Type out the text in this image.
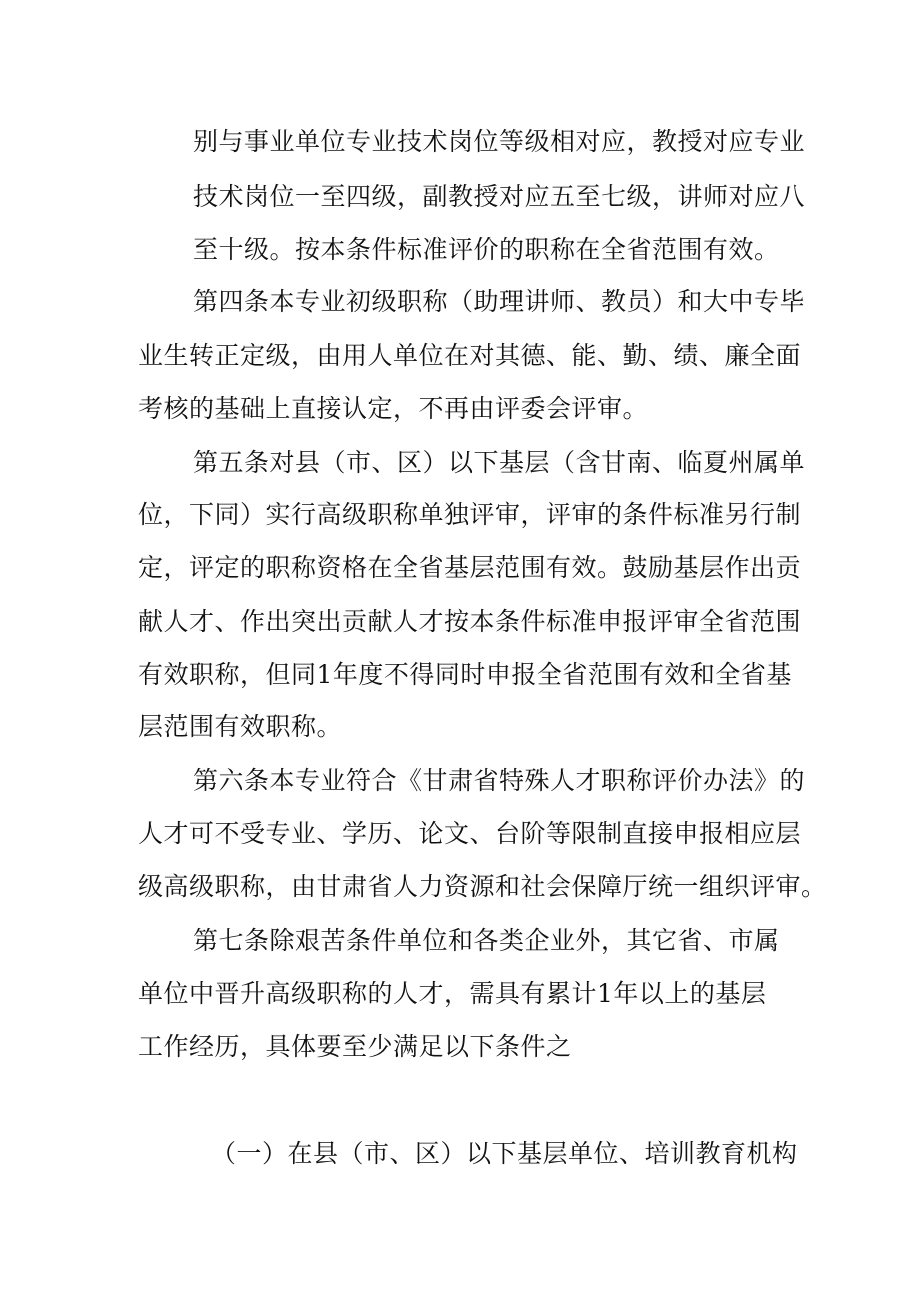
别与事业单位专业技术岗位等级相对应，教授对应专业
技术岗位一至四级，副教授对应五至七级，讲师对应八
至十级。按本条件标准评价的职称在全省范围有效。
第四条本专业初级职称（助理讲师、教员）和大中专毕
业生转正定级，由用人单位在对其德、能、勤、绩、廉全面
考核的基础上直接认定，不再由评委会评审。
第五条对县（市、区）以下基层（含甘南、临夏州属单
位，下同）实行高级职称单独评审，评审的条件标准另行制
定，评定的职称资格在全省基层范围有效。鼓励基层作出贡
献人才、作出突出贡献人才按本条件标准申报评审全省范围
有效职称，但同1年度不得同时申报全省范围有效和全省基
层范围有效职称。
第六条本专业符合《甘肃省特殊人才职称评价办法》的
人才可不受专业、学历、论文、台阶等限制直接申报相应层
级高级职称，由甘肃省人力资源和社会保障厅统一组织评审。
第七条除艰苦条件单位和各类企业外，其它省、市属
单位中晋升高级职称的人才，需具有累计1年以上的基层
工作经历，具体要至少满足以下条件之
（一）在县（市、区）以下基层单位、培训教育机构
